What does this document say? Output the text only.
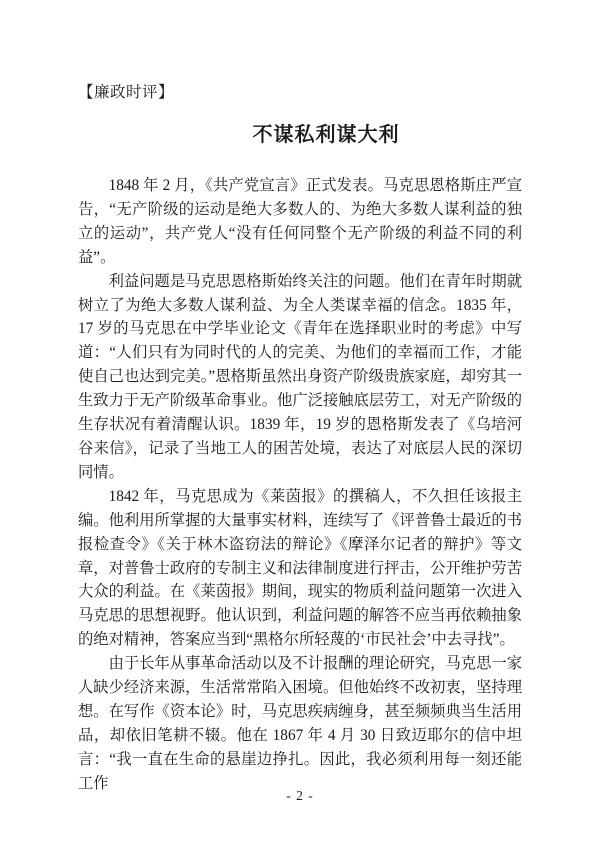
【廉政时评】
不谋私利谋大利

1848 年 2 月，《共产党宣言》正式发表。马克思恩格斯庄严宣告，“无产阶级的运动是绝大多数人的、为绝大多数人谋利益的独立的运动”，共产党人“没有任何同整个无产阶级的利益不同的利益”。

利益问题是马克思恩格斯始终关注的问题。他们在青年时期就树立了为绝大多数人谋利益、为全人类谋幸福的信念。1835 年，17 岁的马克思在中学毕业论文《青年在选择职业时的考虑》中写道：“人们只有为同时代的人的完美、为他们的幸福而工作，才能使自己也达到完美。”恩格斯虽然出身资产阶级贵族家庭，却穷其一生致力于无产阶级革命事业。他广泛接触底层劳工，对无产阶级的生存状况有着清醒认识。1839 年，19 岁的恩格斯发表了《乌培河谷来信》，记录了当地工人的困苦处境，表达了对底层人民的深切同情。

1842 年，马克思成为《莱茵报》的撰稿人，不久担任该报主编。他利用所掌握的大量事实材料，连续写了《评普鲁士最近的书报检查令》《关于林木盗窃法的辩论》《摩泽尔记者的辩护》等文章，对普鲁士政府的专制主义和法律制度进行抨击，公开维护劳苦大众的利益。在《莱茵报》期间，现实的物质利益问题第一次进入马克思的思想视野。他认识到，利益问题的解答不应当再依赖抽象的绝对精神，答案应当到“黑格尔所轻蔑的‘市民社会’中去寻找”。

由于长年从事革命活动以及不计报酬的理论研究，马克思一家人缺少经济来源，生活常常陷入困境。但他始终不改初衷，坚持理想。在写作《资本论》时，马克思疾病缠身，甚至频频典当生活用品，却依旧笔耕不辍。他在 1867 年 4 月 30 日致迈耶尔的信中坦言：“我一直在生命的悬崖边挣扎。因此，我必须利用每一刻还能工作

- 2 -
